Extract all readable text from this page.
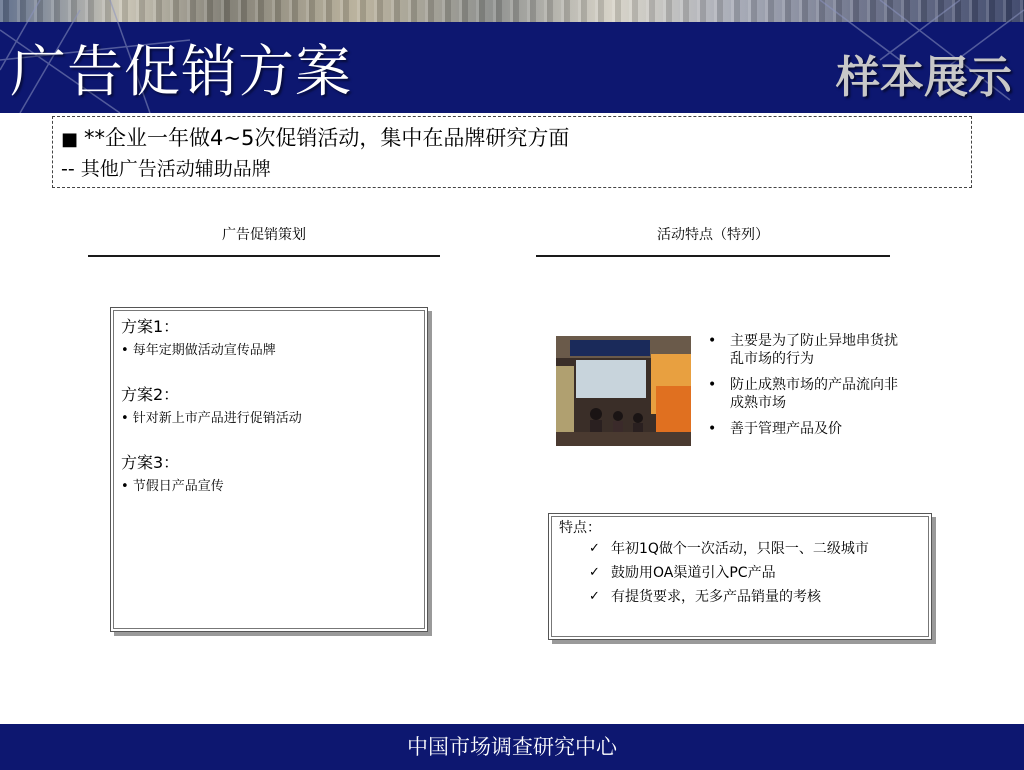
广告促销方案	样本展示
■ **企业一年做4~5次促销活动，集中在品牌研究方面
-- 其他广告活动辅助品牌
广告促销策划	活动特点（特列）

方案1：

• 每年定期做活动宣传品牌

方案2：

• 针对新上市产品进行促销活动

方案3：

• 节假日产品宣传

• 主要是为了防止异地串货扰乱市场的行为
• 防止成熟市场的产品流向非成熟市场
• 善于管理产品及价

特点：

✓ 年初1Q做个一次活动，只限一、二级城市
✓ 鼓励用OA渠道引入PC产品
✓ 有提货要求，无多产品销量的考核
中国市场调查研究中心
